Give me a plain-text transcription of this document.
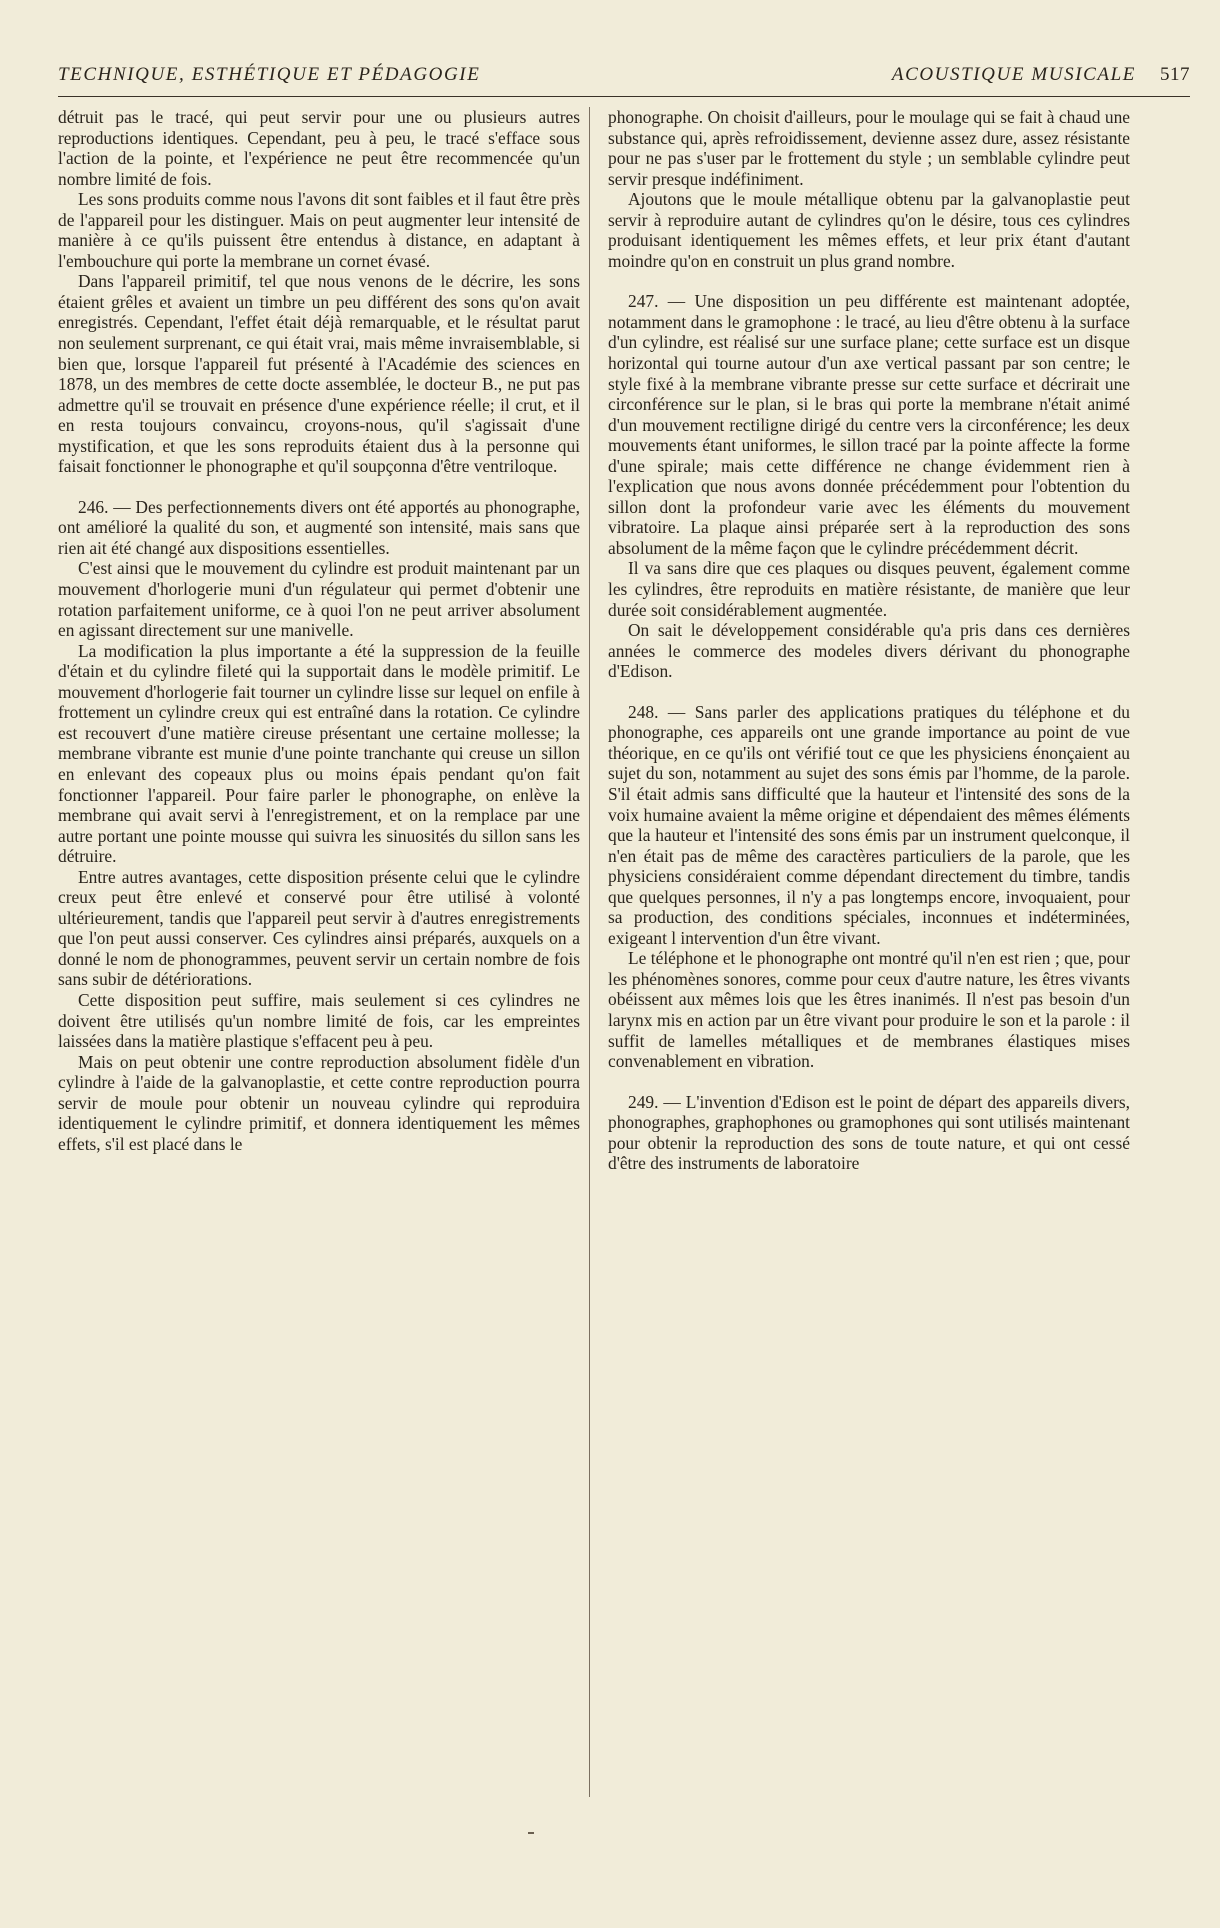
TECHNIQUE, ESTHÉTIQUE ET PÉDAGOGIE	ACOUSTIQUE MUSICALE 517

détruit pas le tracé, qui peut servir pour une ou plusieurs autres reproductions identiques. Cependant, peu à peu, le tracé s'efface sous l'action de la pointe, et l'expérience ne peut être recommencée qu'un nombre limité de fois.

Les sons produits comme nous l'avons dit sont faibles et il faut être près de l'appareil pour les distinguer. Mais on peut augmenter leur intensité de manière à ce qu'ils puissent être entendus à distance, en adaptant à l'embouchure qui porte la membrane un cornet évasé.

Dans l'appareil primitif, tel que nous venons de le décrire, les sons étaient grêles et avaient un timbre un peu différent des sons qu'on avait enregistrés. Cependant, l'effet était déjà remarquable, et le résultat parut non seulement surprenant, ce qui était vrai, mais même invraisemblable, si bien que, lorsque l'appareil fut présenté à l'Académie des sciences en 1878, un des membres de cette docte assemblée, le docteur B., ne put pas admettre qu'il se trouvait en présence d'une expérience réelle; il crut, et il en resta toujours convaincu, croyons-nous, qu'il s'agissait d'une mystification, et que les sons reproduits étaient dus à la personne qui faisait fonctionner le phonographe et qu'il soupçonna d'être ventriloque.

246. — Des perfectionnements divers ont été apportés au phonographe, ont amélioré la qualité du son, et augmenté son intensité, mais sans que rien ait été changé aux dispositions essentielles.

C'est ainsi que le mouvement du cylindre est produit maintenant par un mouvement d'horlogerie muni d'un régulateur qui permet d'obtenir une rotation parfaitement uniforme, ce à quoi l'on ne peut arriver absolument en agissant directement sur une manivelle.

La modification la plus importante a été la suppression de la feuille d'étain et du cylindre fileté qui la supportait dans le modèle primitif. Le mouvement d'horlogerie fait tourner un cylindre lisse sur lequel on enfile à frottement un cylindre creux qui est entraîné dans la rotation. Ce cylindre est recouvert d'une matière cireuse présentant une certaine mollesse; la membrane vibrante est munie d'une pointe tranchante qui creuse un sillon en enlevant des copeaux plus ou moins épais pendant qu'on fait fonctionner l'appareil. Pour faire parler le phonographe, on enlève la membrane qui avait servi à l'enregistrement, et on la remplace par une autre portant une pointe mousse qui suivra les sinuosités du sillon sans les détruire.

Entre autres avantages, cette disposition présente celui que le cylindre creux peut être enlevé et conservé pour être utilisé à volonté ultérieurement, tandis que l'appareil peut servir à d'autres enregistrements que l'on peut aussi conserver. Ces cylindres ainsi préparés, auxquels on a donné le nom de phonogrammes, peuvent servir un certain nombre de fois sans subir de détériorations.

Cette disposition peut suffire, mais seulement si ces cylindres ne doivent être utilisés qu'un nombre limité de fois, car les empreintes laissées dans la matière plastique s'effacent peu à peu.

Mais on peut obtenir une contre reproduction absolument fidèle d'un cylindre à l'aide de la galvanoplastie, et cette contre reproduction pourra servir de moule pour obtenir un nouveau cylindre qui reproduira identiquement le cylindre primitif, et donnera identiquement les mêmes effets, s'il est placé dans le

phonographe. On choisit d'ailleurs, pour le moulage qui se fait à chaud une substance qui, après refroidissement, devienne assez dure, assez résistante pour ne pas s'user par le frottement du style ; un semblable cylindre peut servir presque indéfiniment.

Ajoutons que le moule métallique obtenu par la galvanoplastie peut servir à reproduire autant de cylindres qu'on le désire, tous ces cylindres produisant identiquement les mêmes effets, et leur prix étant d'autant moindre qu'on en construit un plus grand nombre.

247. — Une disposition un peu différente est maintenant adoptée, notamment dans le gramophone : le tracé, au lieu d'être obtenu à la surface d'un cylindre, est réalisé sur une surface plane; cette surface est un disque horizontal qui tourne autour d'un axe vertical passant par son centre; le style fixé à la membrane vibrante presse sur cette surface et décrirait une circonférence sur le plan, si le bras qui porte la membrane n'était animé d'un mouvement rectiligne dirigé du centre vers la circonférence; les deux mouvements étant uniformes, le sillon tracé par la pointe affecte la forme d'une spirale; mais cette différence ne change évidemment rien à l'explication que nous avons donnée précédemment pour l'obtention du sillon dont la profondeur varie avec les éléments du mouvement vibratoire. La plaque ainsi préparée sert à la reproduction des sons absolument de la même façon que le cylindre précédemment décrit.

Il va sans dire que ces plaques ou disques peuvent, également comme les cylindres, être reproduits en matière résistante, de manière que leur durée soit considérablement augmentée.

On sait le développement considérable qu'a pris dans ces dernières années le commerce des modeles divers dérivant du phonographe d'Edison.

248. — Sans parler des applications pratiques du téléphone et du phonographe, ces appareils ont une grande importance au point de vue théorique, en ce qu'ils ont vérifié tout ce que les physiciens énonçaient au sujet du son, notamment au sujet des sons émis par l'homme, de la parole. S'il était admis sans difficulté que la hauteur et l'intensité des sons de la voix humaine avaient la même origine et dépendaient des mêmes éléments que la hauteur et l'intensité des sons émis par un instrument quelconque, il n'en était pas de même des caractères particuliers de la parole, que les physiciens considéraient comme dépendant directement du timbre, tandis que quelques personnes, il n'y a pas longtemps encore, invoquaient, pour sa production, des conditions spéciales, inconnues et indéterminées, exigeant l intervention d'un être vivant.

Le téléphone et le phonographe ont montré qu'il n'en est rien ; que, pour les phénomènes sonores, comme pour ceux d'autre nature, les êtres vivants obéissent aux mêmes lois que les êtres inanimés. Il n'est pas besoin d'un larynx mis en action par un être vivant pour produire le son et la parole : il suffit de lamelles métalliques et de membranes élastiques mises convenablement en vibration.

249. — L'invention d'Edison est le point de départ des appareils divers, phonographes, graphophones ou gramophones qui sont utilisés maintenant pour obtenir la reproduction des sons de toute nature, et qui ont cessé d'être des instruments de laboratoire
